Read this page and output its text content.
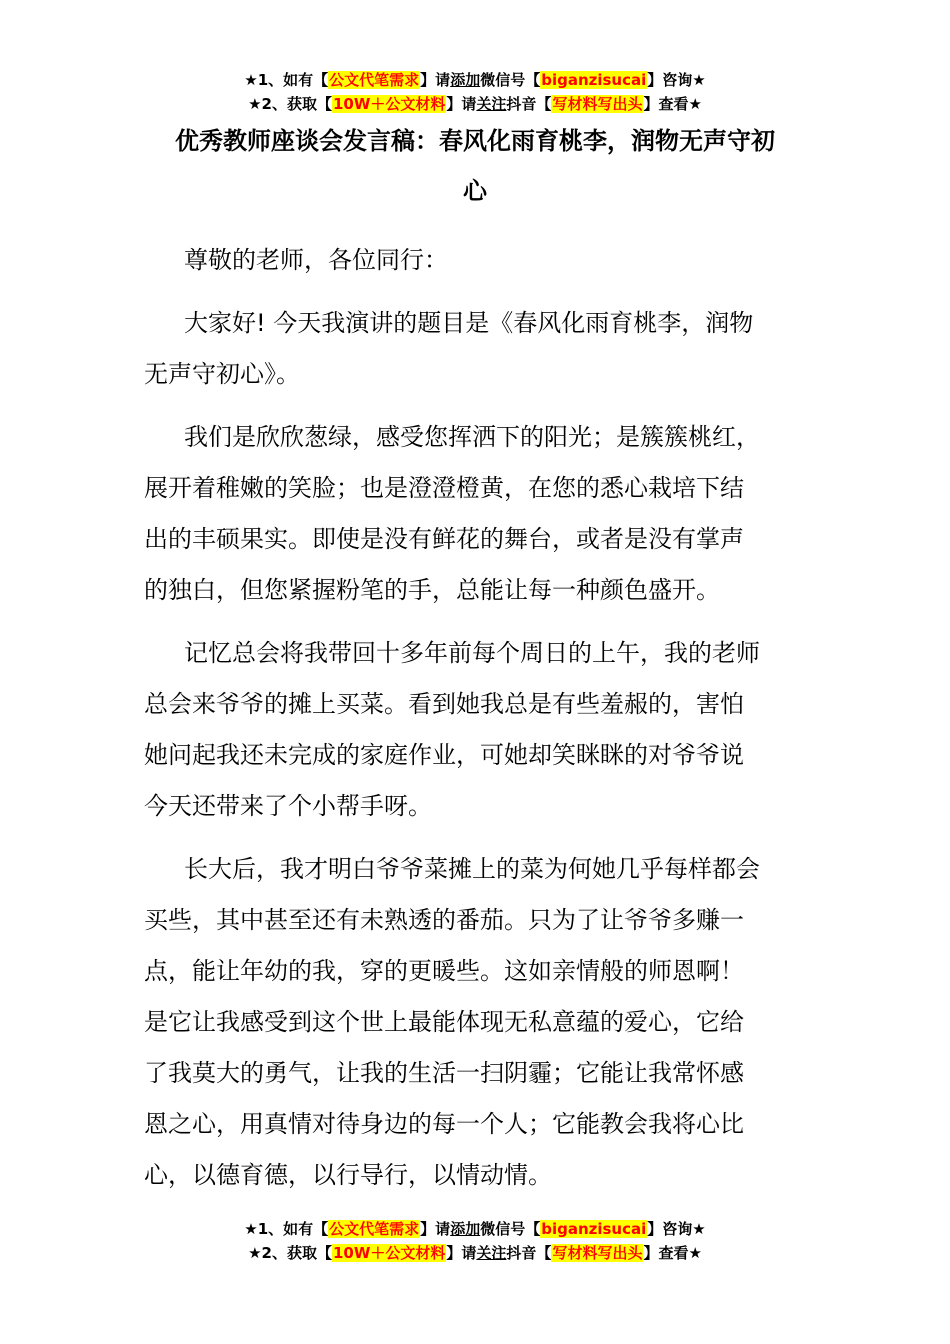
★1、如有【公文代笔需求】请添加微信号【biganzisucai】咨询★
★2、获取【10W＋公文材料】请关注抖音【写材料写出头】查看★
优秀教师座谈会发言稿：春风化雨育桃李，润物无声守初
心

尊敬的老师，各位同行：

大家好! 今天我演讲的题目是《春风化雨育桃李，润物
无声守初心》。

我们是欣欣葱绿，感受您挥洒下的阳光；是簇簇桃红，
展开着稚嫩的笑脸；也是澄澄橙黄，在您的悉心栽培下结
出的丰硕果实。即使是没有鲜花的舞台，或者是没有掌声
的独白，但您紧握粉笔的手，总能让每一种颜色盛开。

记忆总会将我带回十多年前每个周日的上午，我的老师
总会来爷爷的摊上买菜。看到她我总是有些羞赧的，害怕
她问起我还未完成的家庭作业，可她却笑眯眯的对爷爷说
今天还带来了个小帮手呀。

长大后，我才明白爷爷菜摊上的菜为何她几乎每样都会
买些，其中甚至还有未熟透的番茄。只为了让爷爷多赚一
点，能让年幼的我，穿的更暖些。这如亲情般的师恩啊！
是它让我感受到这个世上最能体现无私意蕴的爱心，它给
了我莫大的勇气，让我的生活一扫阴霾；它能让我常怀感
恩之心，用真情对待身边的每一个人；它能教会我将心比
心，以德育德，以行导行，以情动情。

★1、如有【公文代笔需求】请添加微信号【biganzisucai】咨询★
★2、获取【10W＋公文材料】请关注抖音【写材料写出头】查看★
